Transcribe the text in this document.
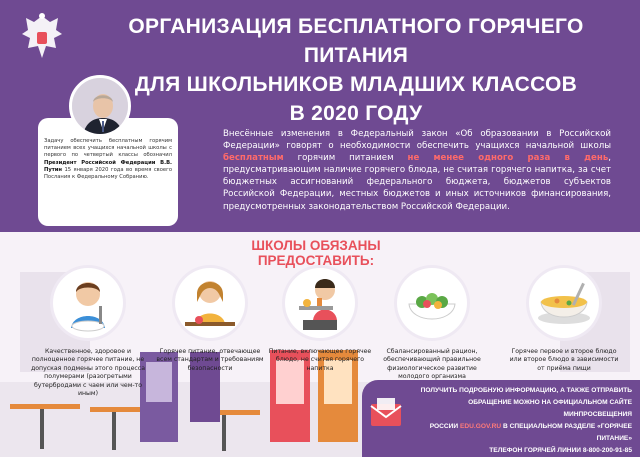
ОРГАНИЗАЦИЯ БЕСПЛАТНОГО ГОРЯЧЕГО ПИТАНИЯ
ДЛЯ ШКОЛЬНИКОВ МЛАДШИХ КЛАССОВ
В 2020 ГОДУ
Задачу обеспечить бесплатным горячим питанием всех учащихся начальной школы с первого по четвертый классы обозначил Президент Российской Федерации В.В. Путин 15 января 2020 года во время своего Послания к Федеральному Собранию.
Внесённые изменения в Федеральный закон «Об образовании в Российской Федерации» говорят о необходимости обеспечить учащихся начальной школы бесплатным горячим питанием не менее одного раза в день, предусматривающим наличие горячего блюда, не считая горячего напитка, за счет бюджетных ассигнований федерального бюджета, бюджетов субъектов Российской Федерации, местных бюджетов и иных источников финансирования, предусмотренных законодательством Российской Федерации.
ШКОЛЫ ОБЯЗАНЫ ПРЕДОСТАВИТЬ:
Качественное, здоровое и полноценное горячее питание, не допуская подмены этого процесса полумерами (разогретыми бутербродами с чаем или чем-то иным)
Горячее питание, отвечающее всем стандартам и требованиям безопасности
Питание, включающее горячее блюдо, не считая горячего напитка
Сбалансированный рацион, обеспечивающий правильное физиологическое развитие молодого организма
Горячее первое и второе блюдо или второе блюдо в зависимости от приёма пищи
ПОЛУЧИТЬ ПОДРОБНУЮ ИНФОРМАЦИЮ, А ТАКЖЕ ОТПРАВИТЬ
ОБРАЩЕНИЕ МОЖНО НА ОФИЦИАЛЬНОМ САЙТЕ МИНПРОСВЕЩЕНИЯ
РОССИИ EDU.GOV.RU В СПЕЦИАЛЬНОМ РАЗДЕЛЕ «ГОРЯЧЕЕ ПИТАНИЕ»
ТЕЛЕФОН ГОРЯЧЕЙ ЛИНИИ 8-800-200-91-85
